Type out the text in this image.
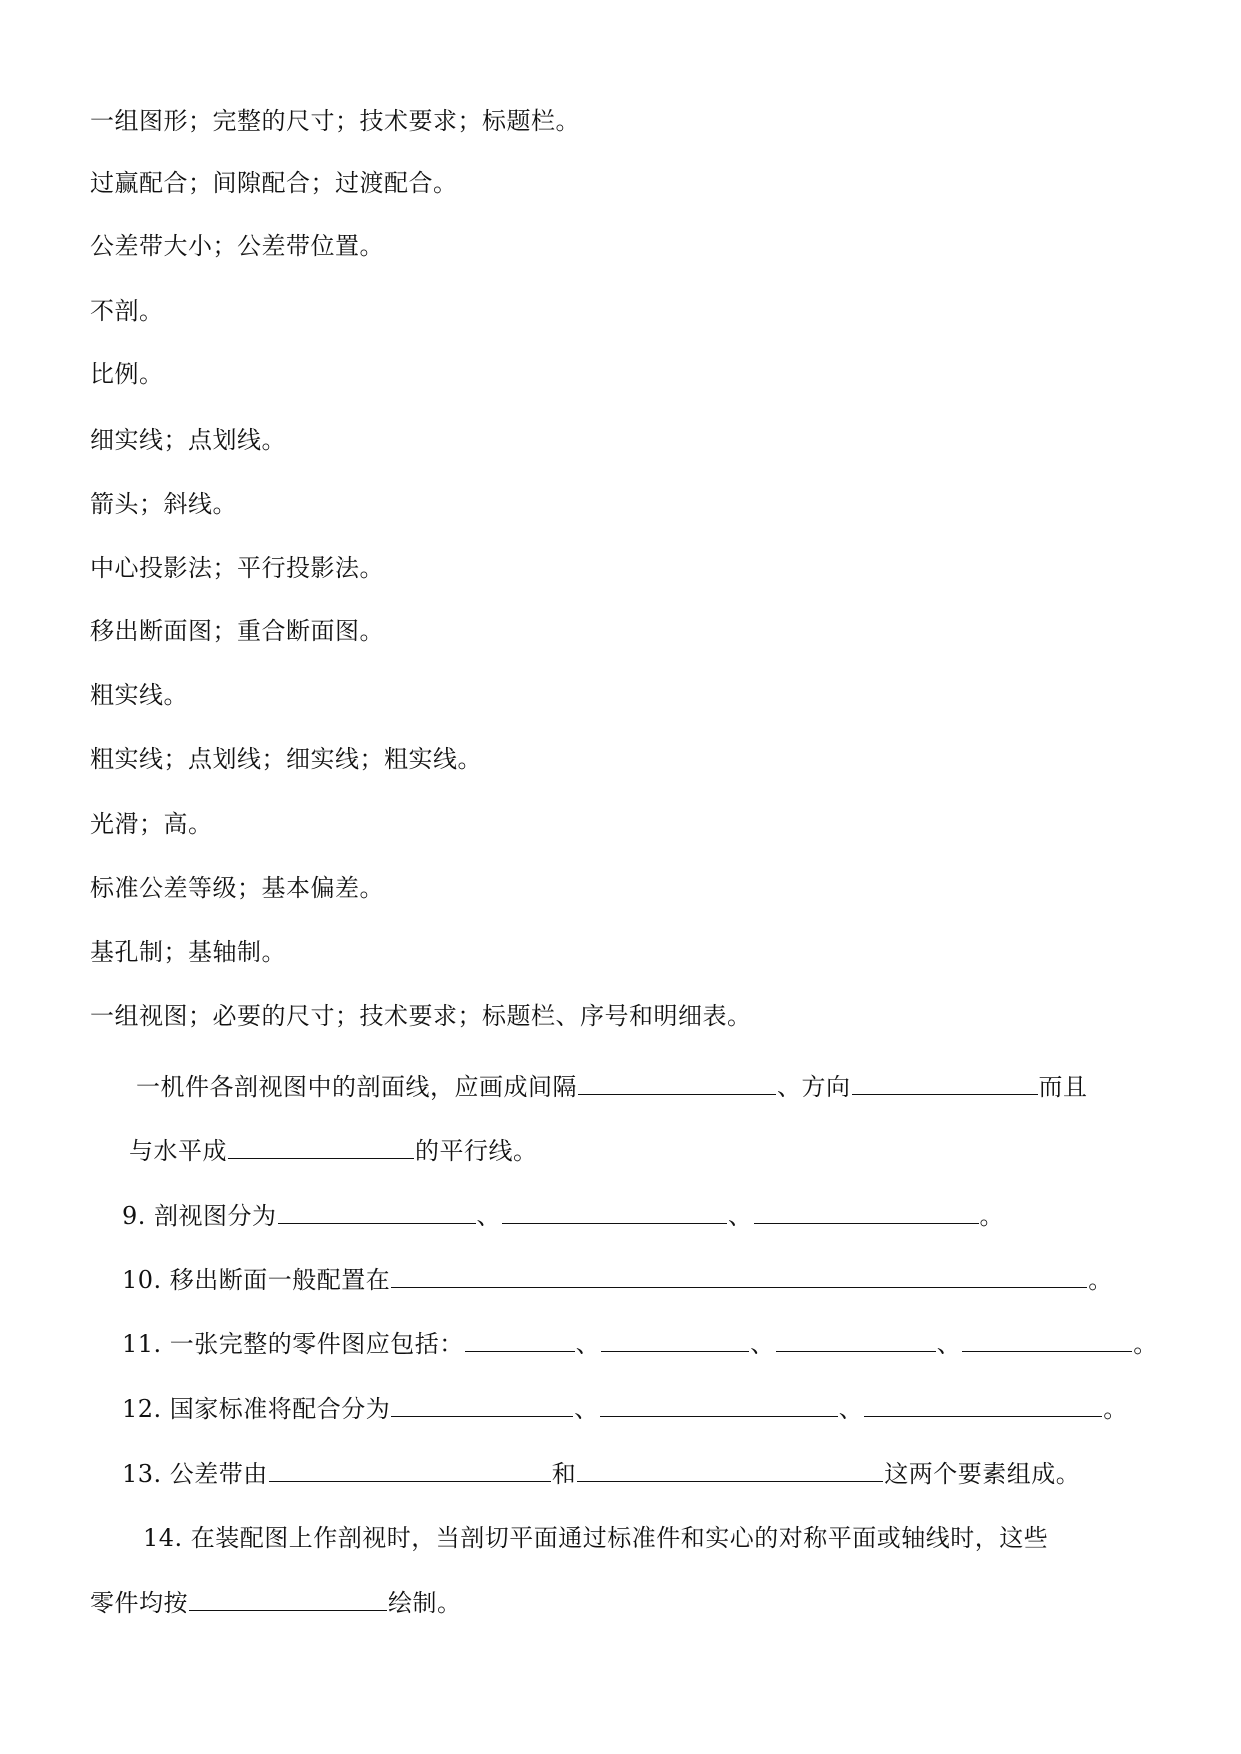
一组图形；完整的尺寸；技术要求；标题栏。
过赢配合；间隙配合；过渡配合。
公差带大小；公差带位置。
不剖。
比例。
细实线；点划线。
箭头；斜线。
中心投影法；平行投影法。
移出断面图；重合断面图。
粗实线。
粗实线；点划线；细实线；粗实线。
光滑；高。
标准公差等级；基本偏差。
基孔制；基轴制。
一组视图；必要的尺寸；技术要求；标题栏、序号和明细表。
一机件各剖视图中的剖面线，应画成间隔	、方向	而且
与水平成	的平行线。
9. 剖视图分为	、	、	。
10. 移出断面一般配置在	。
11. 一张完整的零件图应包括：	、	、	、	。
12. 国家标准将配合分为	、	、	。
13. 公差带由	和	这两个要素组成。
14. 在装配图上作剖视时，当剖切平面通过标准件和实心的对称平面或轴线时，这些
零件均按	绘制。
